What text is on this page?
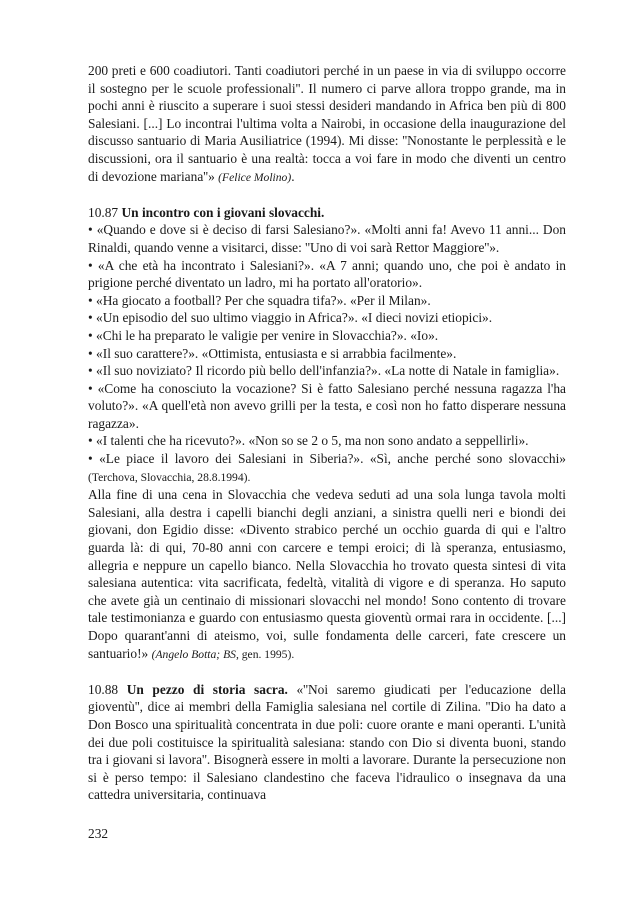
200 preti e 600 coadiutori. Tanti coadiutori perché in un paese in via di sviluppo occorre il sostegno per le scuole professionali''. Il numero ci parve allora troppo grande, ma in pochi anni è riuscito a superare i suoi stessi desideri mandando in Africa ben più di 800 Salesiani. [...] Lo incontrai l'ultima volta a Nairobi, in occasione della inaugurazione del discusso santuario di Maria Ausiliatrice (1994). Mi disse: ''Nonostante le perplessità e le discussioni, ora il santuario è una realtà: tocca a voi fare in modo che diventi un centro di devozione mariana''» (Felice Molino).

10.87 Un incontro con i giovani slovacchi.

• «Quando e dove si è deciso di farsi Salesiano?». «Molti anni fa! Avevo 11 anni... Don Rinaldi, quando venne a visitarci, disse: ''Uno di voi sarà Rettor Maggiore''».

• «A che età ha incontrato i Salesiani?». «A 7 anni; quando uno, che poi è andato in prigione perché diventato un ladro, mi ha portato all'oratorio».

• «Ha giocato a football? Per che squadra tifa?». «Per il Milan».

• «Un episodio del suo ultimo viaggio in Africa?». «I dieci novizi etiopici».

• «Chi le ha preparato le valigie per venire in Slovacchia?». «Io».

• «Il suo carattere?». «Ottimista, entusiasta e si arrabbia facilmente».

• «Il suo noviziato? Il ricordo più bello dell'infanzia?». «La notte di Natale in famiglia».

• «Come ha conosciuto la vocazione? Si è fatto Salesiano perché nessuna ragazza l'ha voluto?». «A quell'età non avevo grilli per la testa, e così non ho fatto disperare nessuna ragazza».

• «I talenti che ha ricevuto?». «Non so se 2 o 5, ma non sono andato a seppellirli».

• «Le piace il lavoro dei Salesiani in Siberia?». «Sì, anche perché sono slovacchi» (Terchova, Slovacchia, 28.8.1994).

Alla fine di una cena in Slovacchia che vedeva seduti ad una sola lunga tavola molti Salesiani, alla destra i capelli bianchi degli anziani, a sinistra quelli neri e biondi dei giovani, don Egidio disse: «Divento strabico perché un occhio guarda di qui e l'altro guarda là: di qui, 70-80 anni con carcere e tempi eroici; di là speranza, entusiasmo, allegria e neppure un capello bianco. Nella Slovacchia ho trovato questa sintesi di vita salesiana autentica: vita sacrificata, fedeltà, vitalità di vigore e di speranza. Ho saputo che avete già un centinaio di missionari slovacchi nel mondo! Sono contento di trovare tale testimonianza e guardo con entusiasmo questa gioventù ormai rara in occidente. [...] Dopo quarant'anni di ateismo, voi, sulle fondamenta delle carceri, fate crescere un santuario!» (Angelo Botta; BS, gen. 1995).

10.88 Un pezzo di storia sacra. «''Noi saremo giudicati per l'educazione della gioventù'', dice ai membri della Famiglia salesiana nel cortile di Zilina. ''Dio ha dato a Don Bosco una spiritualità concentrata in due poli: cuore orante e mani operanti. L'unità dei due poli costituisce la spiritualità salesiana: stando con Dio si diventa buoni, stando tra i giovani si lavora''. Bisognerà essere in molti a lavorare. Durante la persecuzione non si è perso tempo: il Salesiano clandestino che faceva l'idraulico o insegnava da una cattedra universitaria, continuava

232
